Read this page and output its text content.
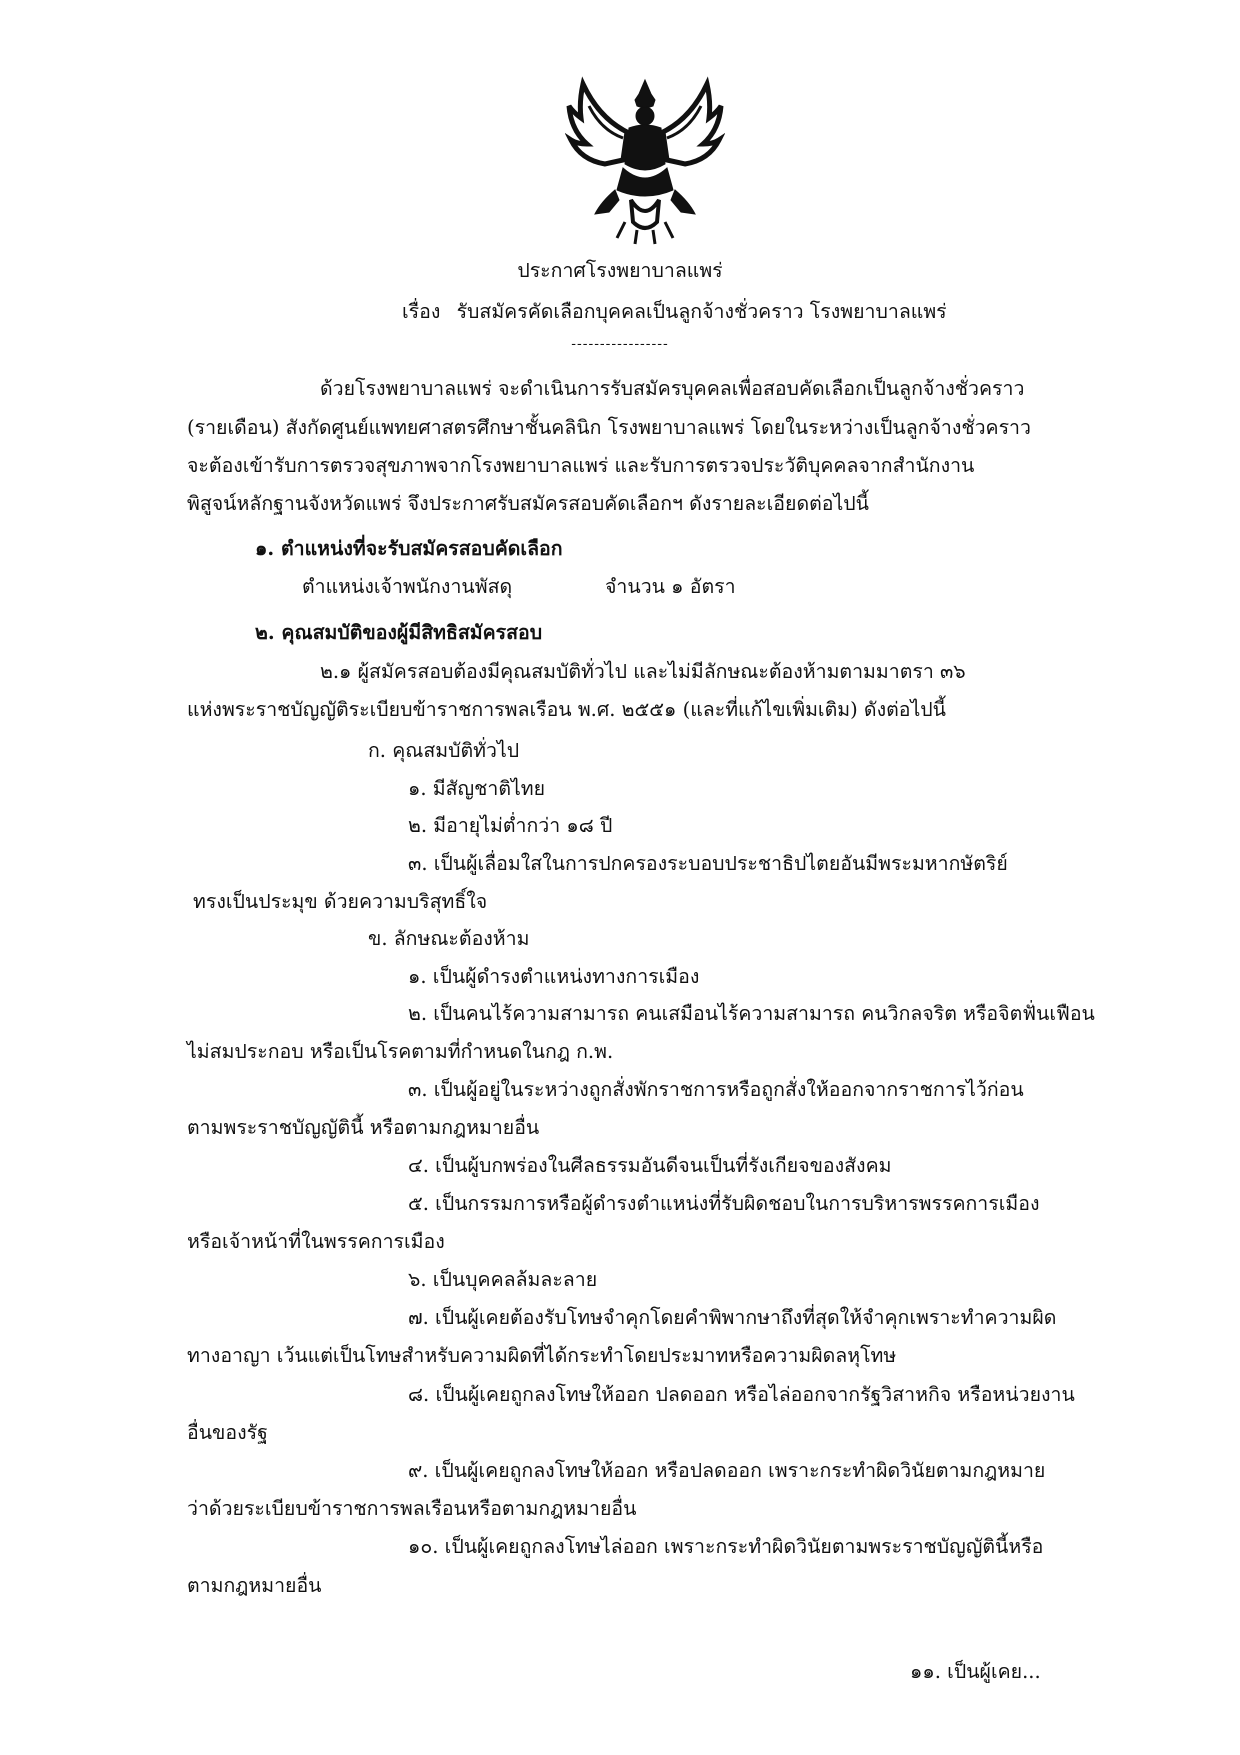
ประกาศโรงพยาบาลแพร่
เรื่อง รับสมัครคัดเลือกบุคคลเป็นลูกจ้างชั่วคราว โรงพยาบาลแพร่
-----------------
ด้วยโรงพยาบาลแพร่ จะดำเนินการรับสมัครบุคคลเพื่อสอบคัดเลือกเป็นลูกจ้างชั่วคราว
(รายเดือน) สังกัดศูนย์แพทยศาสตรศึกษาชั้นคลินิก โรงพยาบาลแพร่ โดยในระหว่างเป็นลูกจ้างชั่วคราว
จะต้องเข้ารับการตรวจสุขภาพจากโรงพยาบาลแพร่ และรับการตรวจประวัติบุคคลจากสำนักงาน
พิสูจน์หลักฐานจังหวัดแพร่ จึงประกาศรับสมัครสอบคัดเลือกฯ ดังรายละเอียดต่อไปนี้
๑. ตำแหน่งที่จะรับสมัครสอบคัดเลือก
ตำแหน่งเจ้าพนักงานพัสดุ	จำนวน ๑ อัตรา
๒. คุณสมบัติของผู้มีสิทธิสมัครสอบ
๒.๑ ผู้สมัครสอบต้องมีคุณสมบัติทั่วไป และไม่มีลักษณะต้องห้ามตามมาตรา ๓๖
แห่งพระราชบัญญัติระเบียบข้าราชการพลเรือน พ.ศ. ๒๕๕๑ (และที่แก้ไขเพิ่มเติม) ดังต่อไปนี้
ก. คุณสมบัติทั่วไป
๑. มีสัญชาติไทย
๒. มีอายุไม่ต่ำกว่า ๑๘ ปี
๓. เป็นผู้เลื่อมใสในการปกครองระบอบประชาธิปไตยอันมีพระมหากษัตริย์
ทรงเป็นประมุข ด้วยความบริสุทธิ์ใจ
ข. ลักษณะต้องห้าม
๑. เป็นผู้ดำรงตำแหน่งทางการเมือง
๒. เป็นคนไร้ความสามารถ คนเสมือนไร้ความสามารถ คนวิกลจริต หรือจิตฟั่นเฟือน
ไม่สมประกอบ หรือเป็นโรคตามที่กำหนดในกฎ ก.พ.
๓. เป็นผู้อยู่ในระหว่างถูกสั่งพักราชการหรือถูกสั่งให้ออกจากราชการไว้ก่อน
ตามพระราชบัญญัตินี้ หรือตามกฎหมายอื่น
๔. เป็นผู้บกพร่องในศีลธรรมอันดีจนเป็นที่รังเกียจของสังคม
๕. เป็นกรรมการหรือผู้ดำรงตำแหน่งที่รับผิดชอบในการบริหารพรรคการเมือง
หรือเจ้าหน้าที่ในพรรคการเมือง
๖. เป็นบุคคลล้มละลาย
๗. เป็นผู้เคยต้องรับโทษจำคุกโดยคำพิพากษาถึงที่สุดให้จำคุกเพราะทำความผิด
ทางอาญา เว้นแต่เป็นโทษสำหรับความผิดที่ได้กระทำโดยประมาทหรือความผิดลหุโทษ
๘. เป็นผู้เคยถูกลงโทษให้ออก ปลดออก หรือไล่ออกจากรัฐวิสาหกิจ หรือหน่วยงาน
อื่นของรัฐ
๙. เป็นผู้เคยถูกลงโทษให้ออก หรือปลดออก เพราะกระทำผิดวินัยตามกฎหมาย
ว่าด้วยระเบียบข้าราชการพลเรือนหรือตามกฎหมายอื่น
๑๐. เป็นผู้เคยถูกลงโทษไล่ออก เพราะกระทำผิดวินัยตามพระราชบัญญัตินี้หรือ
ตามกฎหมายอื่น
๑๑. เป็นผู้เคย...
